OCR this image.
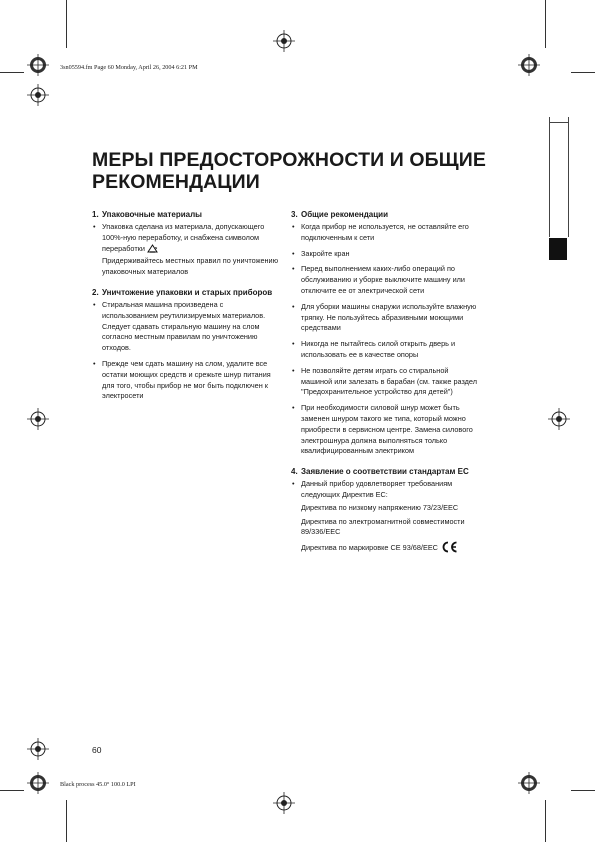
3sn05594.fm Page 60 Monday, April 26, 2004 6:21 PM
Black process 45.0° 100.0 LPI
МЕРЫ ПРЕДОСТОРОЖНОСТИ И ОБЩИЕ РЕКОМЕНДАЦИИ
1. Упаковочные материалы
• Упаковка сделана из материала, допускающего 100%-ную переработку, и снабжена символом переработки
Придерживайтесь местных правил по уничтожению упаковочных материалов
2. Уничтожение упаковки и старых приборов
• Стиральная машина произведена с использованием реутилизируемых материалов. Следует сдавать стиральную машину на слом согласно местным правилам по уничтожению отходов.
• Прежде чем сдать машину на слом, удалите все остатки моющих средств и срежьте шнур питания для того, чтобы прибор не мог быть подключен к электросети
3. Общие рекомендации
• Когда прибор не используется, не оставляйте его подключенным к сети
• Закройте кран
• Перед выполнением каких-либо операций по обслуживанию и уборке выключите машину или отключите ее от электрической сети
• Для уборки машины снаружи используйте влажную тряпку. Не пользуйтесь абразивными моющими средствами
• Никогда не пытайтесь силой открыть дверь и использовать ее в качестве опоры
• Не позволяйте детям играть со стиральной машиной или залезать в барабан (см. также раздел "Предохранительное устройство для детей")
• При необходимости силовой шнур может быть заменен шнуром такого же типа, который можно приобрести в сервисном центре. Замена силового электрошнура должна выполняться только квалифицированным электриком
4. Заявление о соответствии стандартам ЕС
• Данный прибор удовлетворяет требованиям следующих Директив ЕС:

Директива по низкому напряжению 73/23/EEC

Директива по электромагнитной совместимости 89/336/EEC

Директива по маркировке CE 93/68/EEC

60
